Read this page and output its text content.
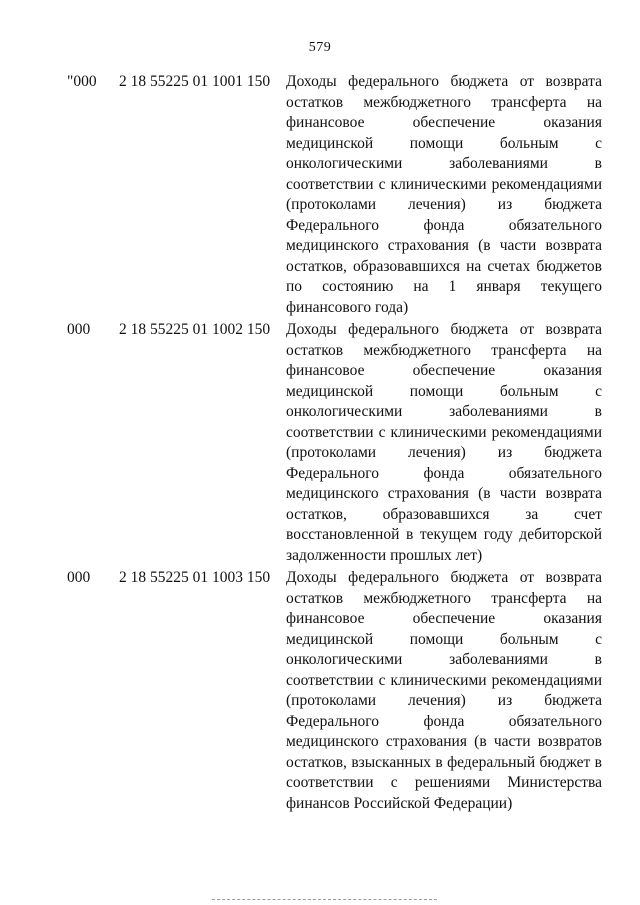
579
"000 2 18 55225 01 1001 150 Доходы федерального бюджета от возврата остатков межбюджетного трансферта на финансовое обеспечение оказания медицинской помощи больным с онкологическими заболеваниями в соответствии с клиническими рекомендациями (протоколами лечения) из бюджета Федерального фонда обязательного медицинского страхования (в части возврата остатков, образовавшихся на счетах бюджетов по состоянию на 1 января текущего финансового года)
000 2 18 55225 01 1002 150 Доходы федерального бюджета от возврата остатков межбюджетного трансферта на финансовое обеспечение оказания медицинской помощи больным с онкологическими заболеваниями в соответствии с клиническими рекомендациями (протоколами лечения) из бюджета Федерального фонда обязательного медицинского страхования (в части возврата остатков, образовавшихся за счет восстановленной в текущем году дебиторской задолженности прошлых лет)
000 2 18 55225 01 1003 150 Доходы федерального бюджета от возврата остатков межбюджетного трансферта на финансовое обеспечение оказания медицинской помощи больным с онкологическими заболеваниями в соответствии с клиническими рекомендациями (протоколами лечения) из бюджета Федерального фонда обязательного медицинского страхования (в части возвратов остатков, взысканных в федеральный бюджет в соответствии с решениями Министерства финансов Российской Федерации)
